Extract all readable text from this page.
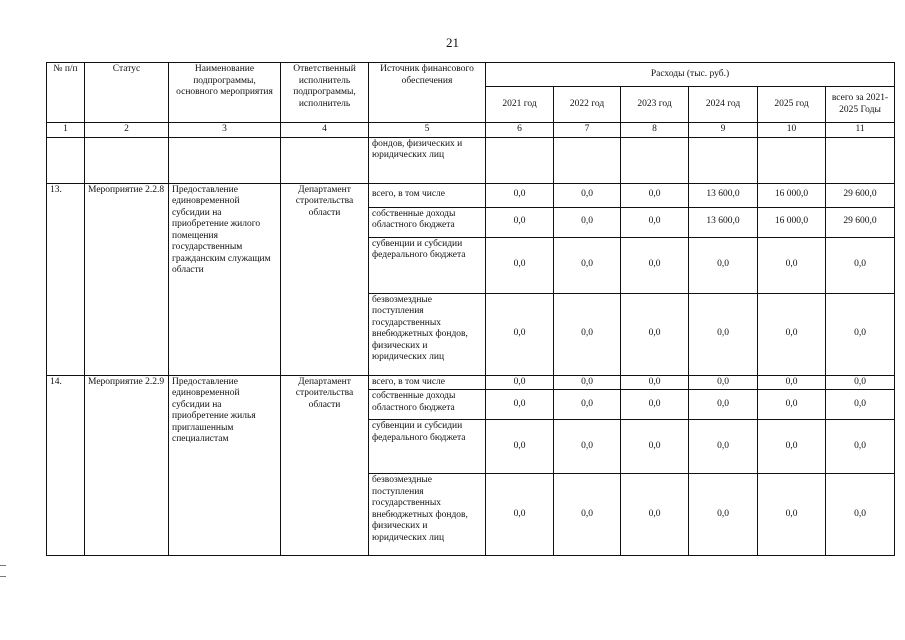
21
№ п/п	Статус	Наименование подпрограммы, основного мероприятия	Ответственный исполнитель подпрограммы, исполнитель	Источник финансового обеспечения	Расходы (тыс. руб.)					
					2021 год	2022 год	2023 год	2024 год	2025 год	всего за 2021-2025 Годы
1	2	3	4	5	6	7	8	9	10	11
				фондов, физических и юридических лиц						
13.	Мероприятие 2.2.8	Предоставление единовременной субсидии на приобретение жилого помещения государственным гражданским служащим области	Департамент строительства области	всего, в том числе	0,0	0,0	0,0	13 600,0	16 000,0	29 600,0
				собственные доходы областного бюджета	0,0	0,0	0,0	13 600,0	16 000,0	29 600,0
				субвенции и субсидии федерального бюджета	0,0	0,0	0,0	0,0	0,0	0,0
				безвозмездные поступления государственных внебюджетных фондов, физических и юридических лиц	0,0	0,0	0,0	0,0	0,0	0,0
14.	Мероприятие 2.2.9	Предоставление единовременной субсидии на приобретение жилья приглашенным специалистам	Департамент строительства области	всего, в том числе	0,0	0,0	0,0	0,0	0,0	0,0
				собственные доходы областного бюджета	0,0	0,0	0,0	0,0	0,0	0,0
				субвенции и субсидии федерального бюджета	0,0	0,0	0,0	0,0	0,0	0,0
				безвозмездные поступления государственных внебюджетных фондов, физических и юридических лиц	0,0	0,0	0,0	0,0	0,0	0,0
